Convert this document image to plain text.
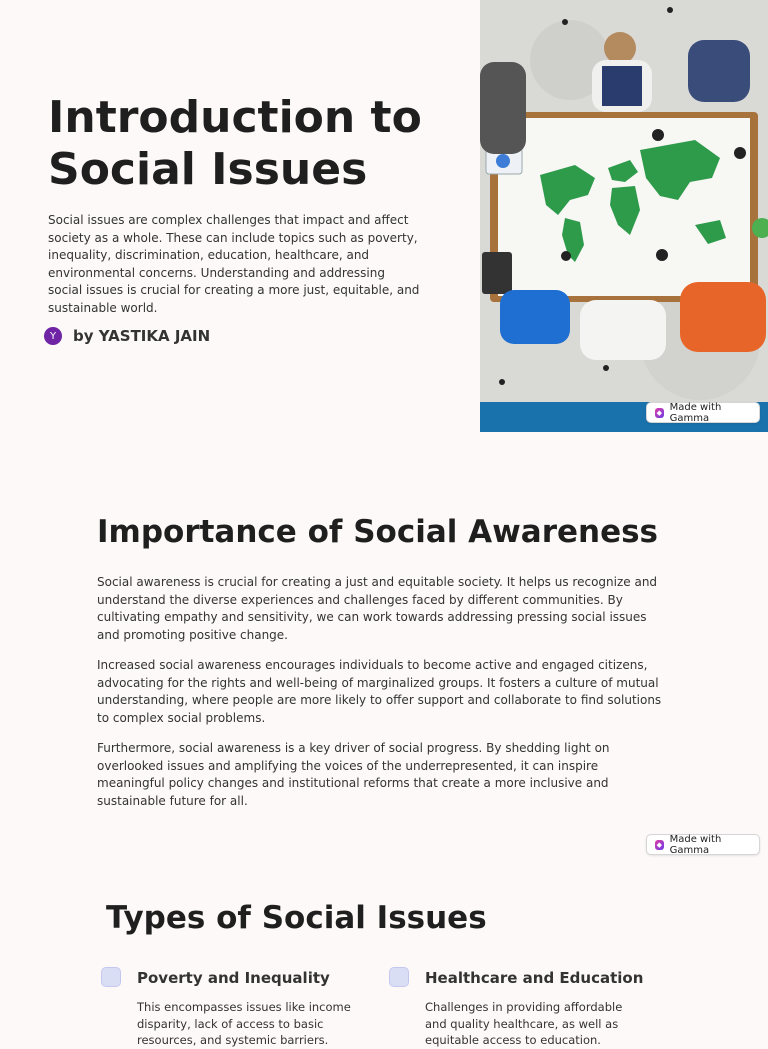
Introduction to Social Issues

Social issues are complex challenges that impact and affect society as a whole. These can include topics such as poverty, inequality, discrimination, education, healthcare, and environmental concerns. Understanding and addressing social issues is crucial for creating a more just, equitable, and sustainable world.

Y	by YASTIKA JAIN
◆ Made with Gamma
Importance of Social Awareness

Social awareness is crucial for creating a just and equitable society. It helps us recognize and understand the diverse experiences and challenges faced by different communities. By cultivating empathy and sensitivity, we can work towards addressing pressing social issues and promoting positive change.

Increased social awareness encourages individuals to become active and engaged citizens, advocating for the rights and well-being of marginalized groups. It fosters a culture of mutual understanding, where people are more likely to offer support and collaborate to find solutions to complex social problems.

Furthermore, social awareness is a key driver of social progress. By shedding light on overlooked issues and amplifying the voices of the underrepresented, it can inspire meaningful policy changes and institutional reforms that create a more inclusive and sustainable future for all.

◆ Made with Gamma
Types of Social Issues
Poverty and Inequality

This encompasses issues like income disparity, lack of access to basic resources, and systemic barriers.

Healthcare and Education

Challenges in providing affordable and quality healthcare, as well as equitable access to education.
